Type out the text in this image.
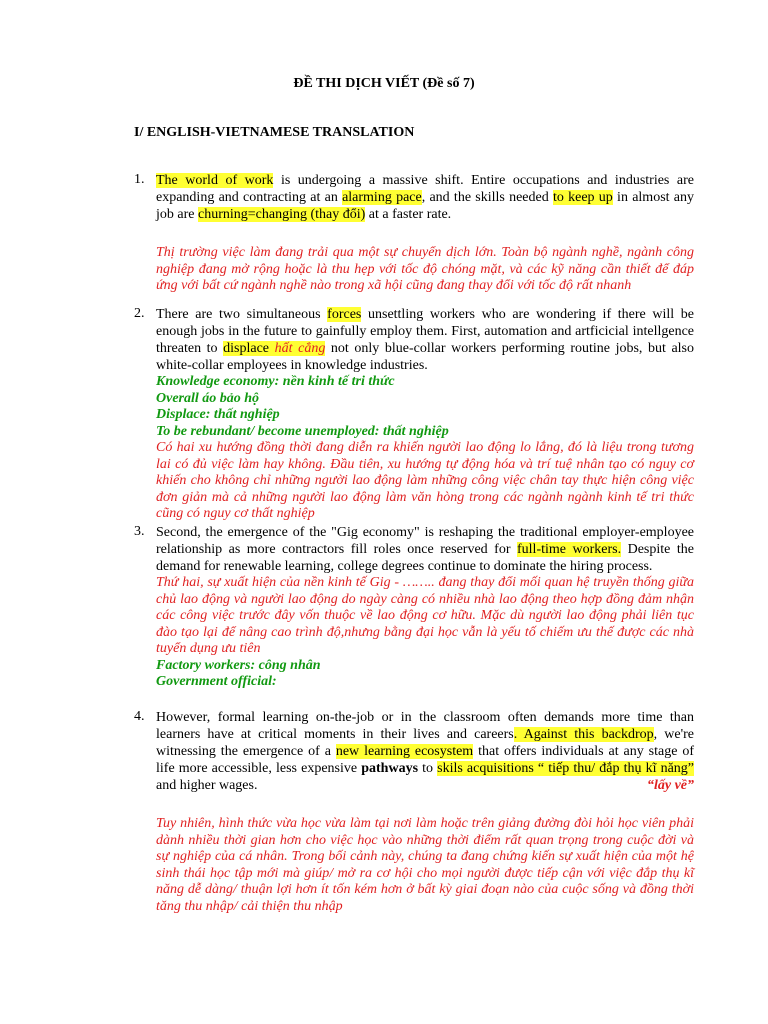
ĐỀ THI DỊCH VIẾT (Đề số 7)
I/ ENGLISH-VIETNAMESE TRANSLATION
1. The world of work is undergoing a massive shift. Entire occupations and industries are expanding and contracting at an alarming pace, and the skills needed to keep up in almost any job are churning=changing (thay đổi) at a faster rate.
Thị trường việc làm đang trải qua một sự chuyển dịch lớn. Toàn bộ ngành nghề, ngành công nghiệp đang mở rộng hoặc là thu hẹp với tốc độ chóng mặt, và các kỹ năng cần thiết để đáp ứng với bất cứ ngành nghề nào trong xã hội cũng đang thay đổi với tốc độ rất nhanh
2. There are two simultaneous forces unsettling workers who are wondering if there will be enough jobs in the future to gainfully employ them. First, automation and artficicial intellgence threaten to displace hất cẳng not only blue-collar workers performing routine jobs, but also white-collar employees in knowledge industries.
Knowledge economy: nền kinh tế tri thức
Overall áo bảo hộ
Displace: thất nghiệp
To be rebundant/ become unemployed: thất nghiệp
Có hai xu hướng đồng thời đang diễn ra khiến người lao động lo lắng, đó là liệu trong tương lai có đủ việc làm hay không. Đầu tiên, xu hướng tự động hóa và trí tuệ nhân tạo có nguy cơ khiến cho không chỉ những người lao động làm những công việc chân tay thực hiện công việc đơn giản mà cả những người lao động làm văn hòng trong các ngành ngành kinh tế tri thức cũng có nguy cơ thất nghiệp
3. Second, the emergence of the "Gig economy" is reshaping the traditional employer-employee relationship as more contractors fill roles once reserved for full-time workers. Despite the demand for renewable learning, college degrees continue to dominate the hiring process.
Thứ hai, sự xuất hiện của nền kinh tế Gig - …….. đang thay đổi mối quan hệ truyền thống giữa chủ lao động và người lao động do ngày càng có nhiều nhà lao động theo hợp đồng đảm nhận các công việc trước đây vốn thuộc về lao động cơ hữu. Mặc dù người lao động phải liên tục đào tạo lại để nâng cao trình độ,nhưng bằng đại học vẫn là yếu tố chiếm ưu thế được các nhà tuyển dụng ưu tiên
Factory workers: công nhân
Government official:
4. However, formal learning on-the-job or in the classroom often demands more time than learners have at critical moments in their lives and careers. Against this backdrop, we're witnessing the emergence of a new learning ecosystem that offers individuals at any stage of life more accessible, less expensive pathways to skils acquisitions “ tiếp thu/ đắp thụ kĩ năng” and higher wages.	“lấy về”
Tuy nhiên, hình thức vừa học vừa làm tại nơi làm hoặc trên giảng đường đòi hỏi học viên phải dành nhiều thời gian hơn cho việc học vào những thời điểm rất quan trọng trong cuộc đời và sự nghiệp của cá nhân. Trong bối cảnh này, chúng ta đang chứng kiến sự xuất hiện của một hệ sinh thái học tập mới mà giúp/ mở ra cơ hội cho mọi người được tiếp cận với việc đắp thụ kĩ năng dễ dàng/ thuận lợi hơn ít tốn kém hơn ở bất kỳ giai đoạn nào của cuộc sống và đồng thời tăng thu nhập/ cải thiện thu nhập
